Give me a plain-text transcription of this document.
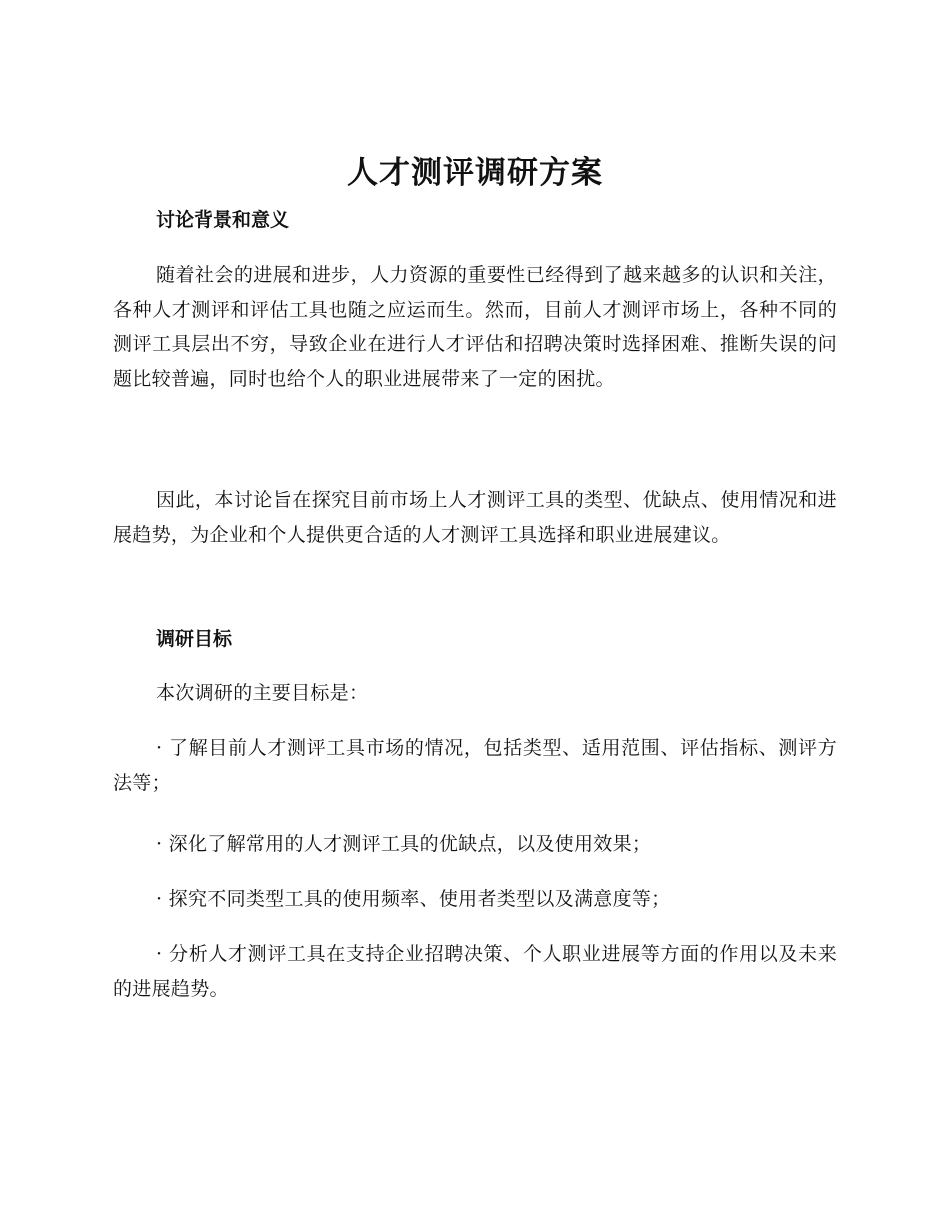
人才测评调研方案
讨论背景和意义

随着社会的进展和进步，人力资源的重要性已经得到了越来越多的认识和关注，各种人才测评和评估工具也随之应运而生。然而，目前人才测评市场上，各种不同的测评工具层出不穷，导致企业在进行人才评估和招聘决策时选择困难、推断失误的问题比较普遍，同时也给个人的职业进展带来了一定的困扰。

因此，本讨论旨在探究目前市场上人才测评工具的类型、优缺点、使用情况和进展趋势，为企业和个人提供更合适的人才测评工具选择和职业进展建议。

调研目标

本次调研的主要目标是：

· 了解目前人才测评工具市场的情况，包括类型、适用范围、评估指标、测评方法等；

· 深化了解常用的人才测评工具的优缺点，以及使用效果；

· 探究不同类型工具的使用频率、使用者类型以及满意度等；

· 分析人才测评工具在支持企业招聘决策、个人职业进展等方面的作用以及未来的进展趋势。
